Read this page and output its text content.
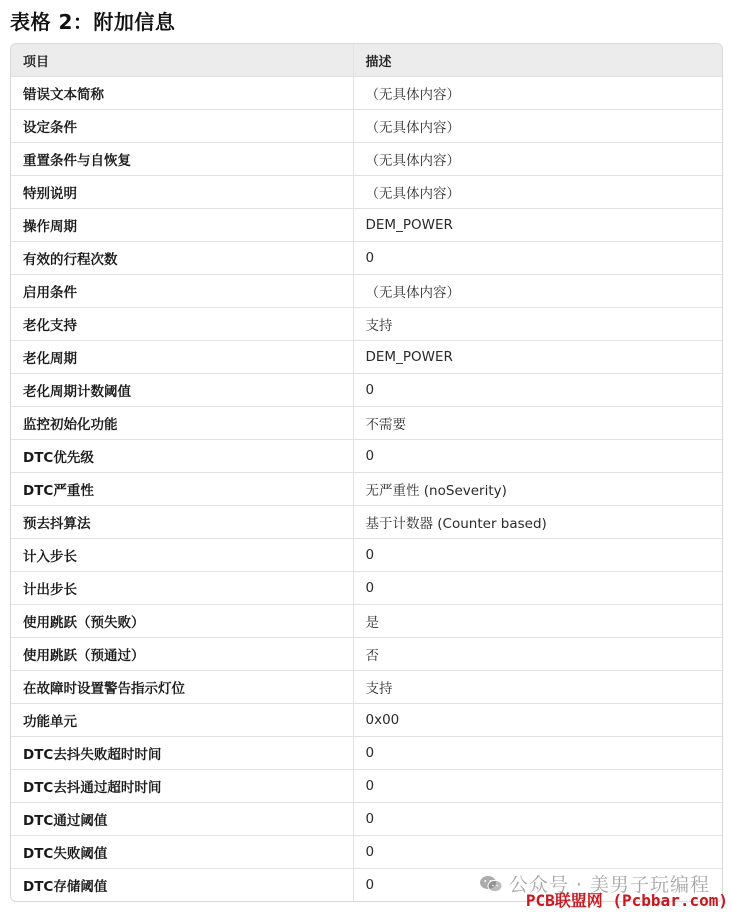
表格 2：附加信息
项目	描述
错误文本简称	（无具体内容）
设定条件	（无具体内容）
重置条件与自恢复	（无具体内容）
特别说明	（无具体内容）
操作周期	DEM_POWER
有效的行程次数	0
启用条件	（无具体内容）
老化支持	支持
老化周期	DEM_POWER
老化周期计数阈值	0
监控初始化功能	不需要
DTC优先级	0
DTC严重性	无严重性 (noSeverity)
预去抖算法	基于计数器 (Counter based)
计入步长	0
计出步长	0
使用跳跃（预失败）	是
使用跳跃（预通过）	否
在故障时设置警告指示灯位	支持
功能单元	0x00
DTC去抖失败超时时间	0
DTC去抖通过超时时间	0
DTC通过阈值	0
DTC失败阈值	0
DTC存储阈值	0	公众号 · 美男子玩编程
PCB联盟网 (Pcbbar.com)
